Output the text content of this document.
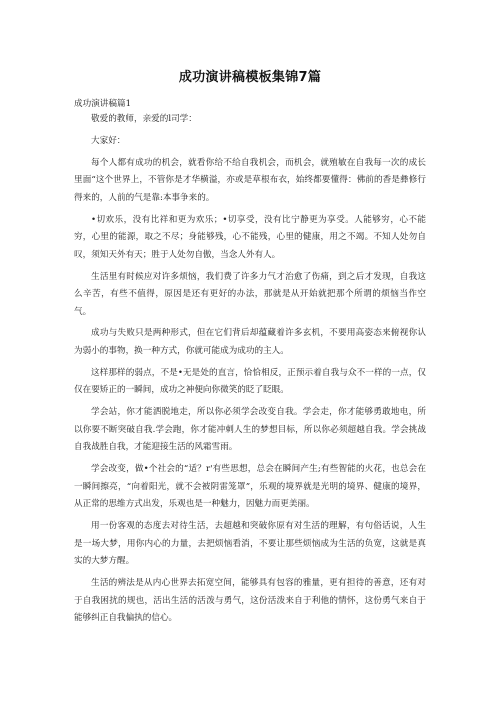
成功演讲稿模板集锦7篇
成功演讲稿篇1

敬爱的教师，亲爱的l司学：

大家好：

每个人都有成功的机会，就看你给不给自我机会，而机会，就殖敏在自我每一次的成长里面“这个世界上，不管你是才华横溢，亦或是草根布衣，始终都要懂得：佛前的香是彝修行得来的，人前的气是靠:本事争来的。

•切欢乐，没有比祥和更为欢乐；•切享受，没有比宁静更为享受。人能够穷，心不能穷，心里的能源，取之不尽；身能够残，心不能残，心里的健康，用之不竭。不知人处勿自叹，须知天外有天；胜于人处勿自傲，当念人外有人。

生活里有时候应对许多烦恼，我们费了许多力气才治愈了伤痛，到之后才发现，自我这么辛苦，有些不值得，原因是还有更好的办法，那就是从开始就把那个所谓的烦恼当作空气。

成功与失败只是两种形式，但在它们背后却蕴藏着许多玄机，不要用高姿态来俯视你认为弱小的事物，换一种方式，你就可能成为成功的主人。

这样那样的弱点，不是•无是处的直言，恰恰相反，正预示着自我与众不一样的一点，仅仅在要矫正的一瞬间，成功之神便向你微笑的眨了眨眼。

学会站，你才能洒脱地走，所以你必须学会改变自我。学会走，你才能够勇敢地电，所以你要不断突破自我.学会跑，你才能冲刺人生的梦想目标，所以你必须超越自我。学会挑战自我战胜自我，才能迎接生活的风霜雪雨。

学会改变，做•个社会的“适？r'有些思想，总会在瞬间产生;有些智能的火花，也总会在一瞬间擦亮，“向着阳光，就不会被阴雷笼罩”，乐观的境界就是光明的境界、健康的境界，从正常的思维方式出发，乐观也是一种魅力，因魅力而更美丽。

用一份客观的态度去对待生活，去超越和突破你原有对生活的理解，有句俗话说，人生是一场大梦，用你内心的力量，去把烦恼看消，不要让那些烦恼成为生活的负宽，这就是真实的大梦方醒。

生活的辨法是从内心世界去拓宽空间，能够具有包容的雅量，更有担待的善意，还有对于自我困扰的规也，活出生活的活泼与勇气，这份活泼来自于利他的情怀，这份勇气来自于能够纠正自我偏执的信心。
